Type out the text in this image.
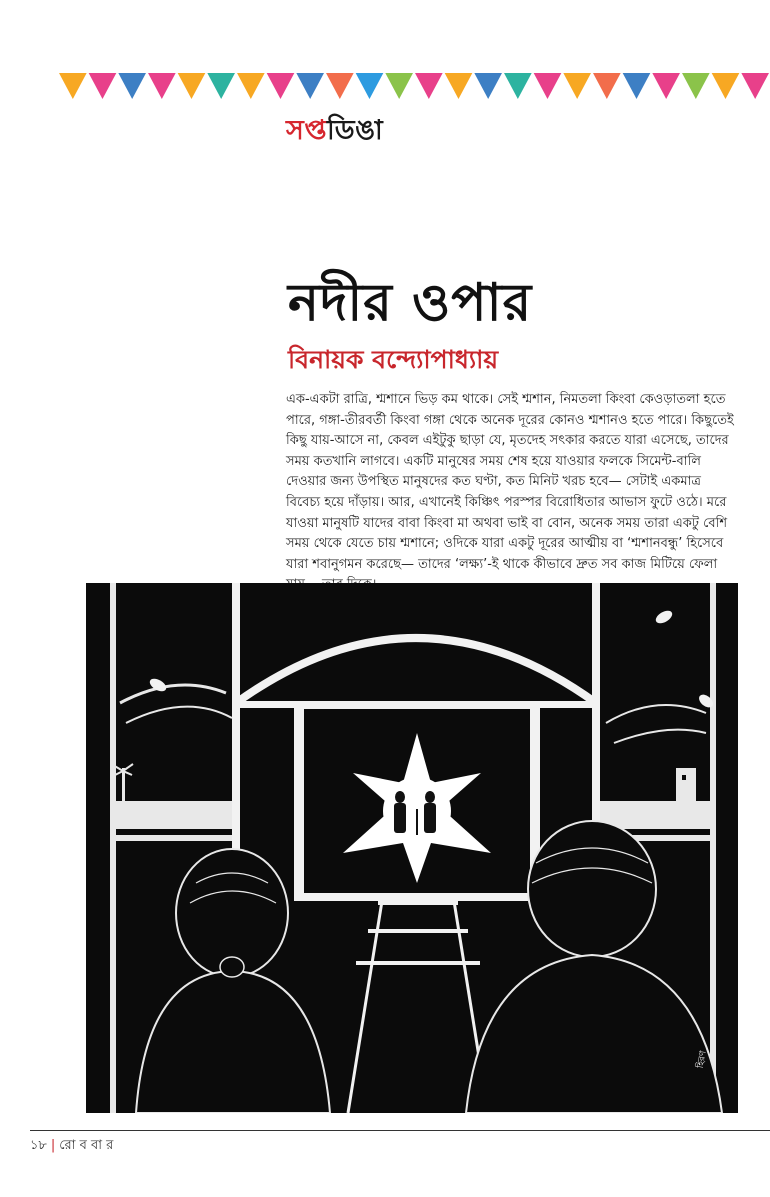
সপ্তডিঙা
নদীর ওপার
বিনায়ক বন্দ্যোপাধ্যায়
এক-একটা রাত্রি, শ্মশানে ভিড় কম থাকে। সেই শ্মশান, নিমতলা কিংবা কেওড়াতলা হতে পারে, গঙ্গা-তীরবর্তী কিংবা গঙ্গা থেকে অনেক দূরের কোনও শ্মশানও হতে পারে। কিছুতেই কিছু যায়-আসে না, কেবল এইটুকু ছাড়া যে, মৃতদেহ সৎকার করতে যারা এসেছে, তাদের সময় কতখানি লাগবে। একটি মানুষের সময় শেষ হয়ে যাওয়ার ফলকে সিমেন্ট-বালি দেওয়ার জন্য উপস্থিত মানুষদের কত ঘণ্টা, কত মিনিট খরচ হবে— সেটাই একমাত্র বিবেচ্য হয়ে দাঁড়ায়। আর, এখানেই কিঞ্চিৎ পরস্পর বিরোধিতার আভাস ফুটে ওঠে। মরে যাওয়া মানুষটি যাদের বাবা কিংবা মা অথবা ভাই বা বোন, অনেক সময় তারা একটু বেশি সময় থেকে যেতে চায় শ্মশানে; ওদিকে যারা একটু দূরের আত্মীয় বা ‘শ্মশানবন্ধু’ হিসেবে যারা শবানুগমন করেছে— তাদের ‘লক্ষ্য’-ই থাকে কীভাবে দ্রুত সব কাজ মিটিয়ে ফেলা
হিরণ
১৮ | রো ব বা র
